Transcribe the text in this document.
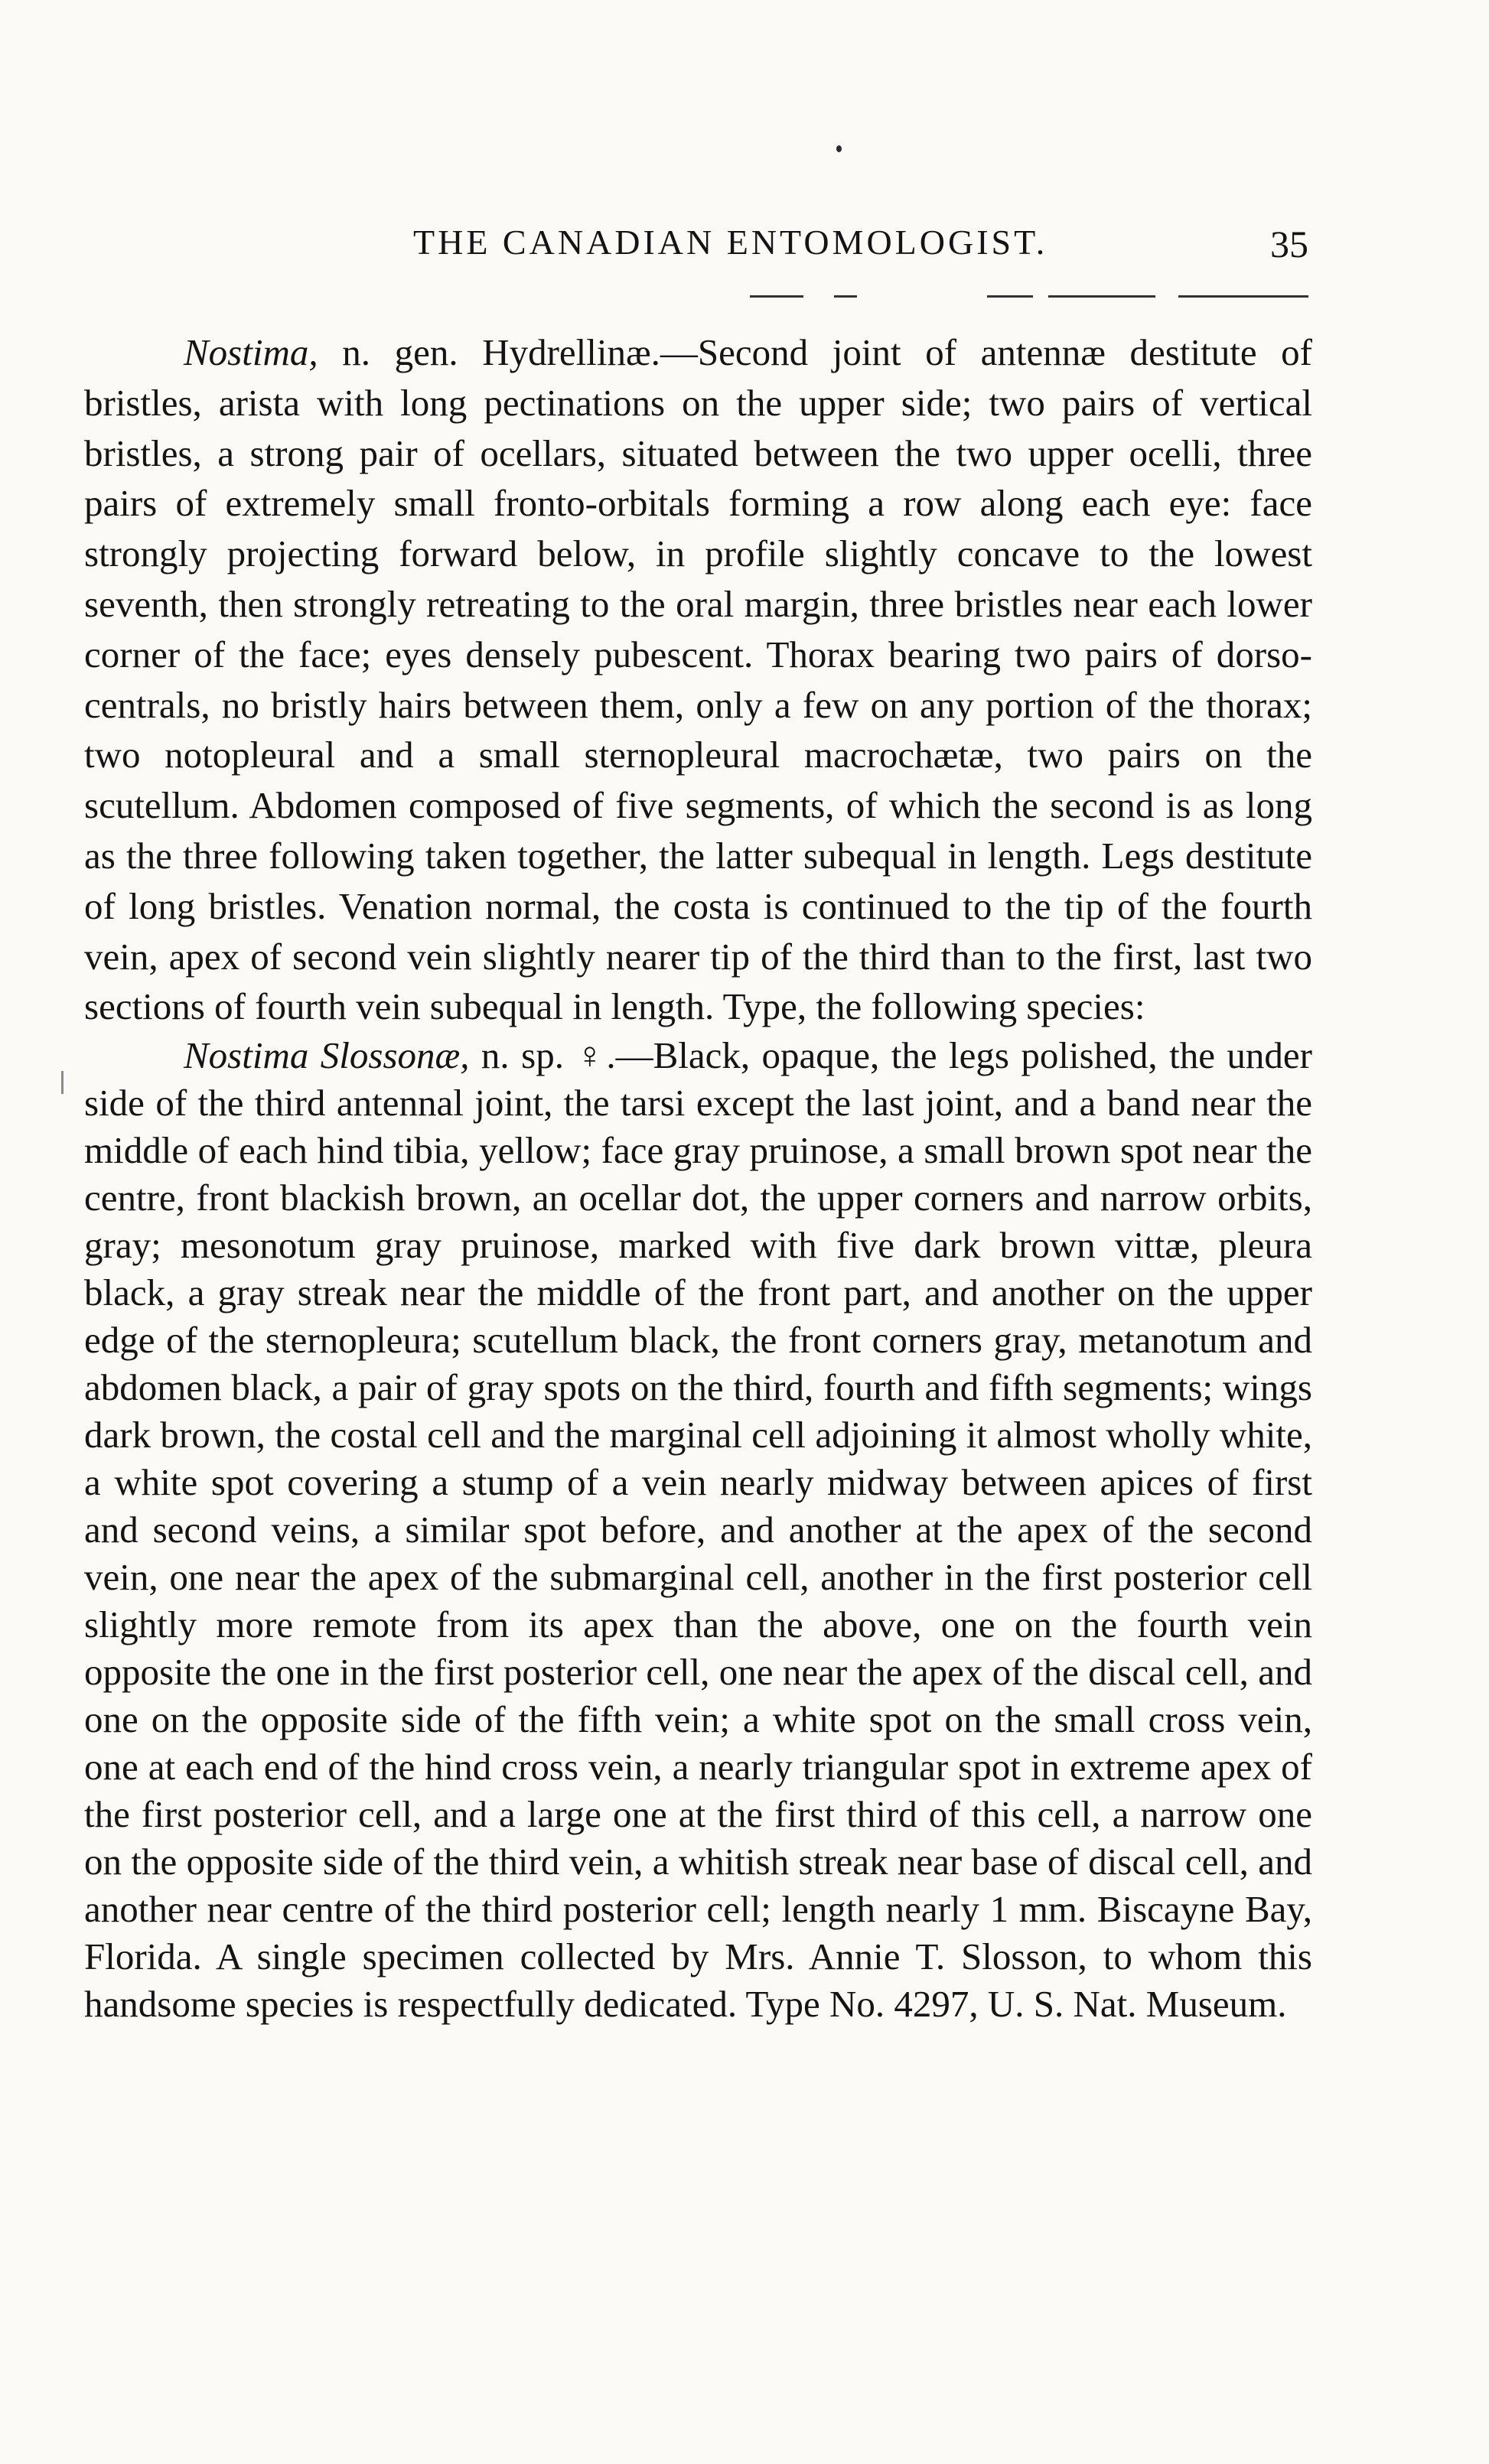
THE CANADIAN ENTOMOLOGIST.	35

Nostima, n. gen. Hydrellinæ.—Second joint of antennæ destitute of bristles, arista with long pectinations on the upper side; two pairs of vertical bristles, a strong pair of ocellars, situated between the two upper ocelli, three pairs of extremely small fronto-orbitals forming a row along each eye: face strongly projecting forward below, in profile slightly concave to the lowest seventh, then strongly retreating to the oral margin, three bristles near each lower corner of the face; eyes densely pubescent. Thorax bearing two pairs of dorso-centrals, no bristly hairs between them, only a few on any portion of the thorax; two notopleural and a small sternopleural macrochætæ, two pairs on the scutellum. Abdomen composed of five segments, of which the second is as long as the three following taken together, the latter subequal in length. Legs destitute of long bristles. Venation normal, the costa is continued to the tip of the fourth vein, apex of second vein slightly nearer tip of the third than to the first, last two sections of fourth vein subequal in length. Type, the following species:

Nostima Slossonæ, n. sp. ♀.—Black, opaque, the legs polished, the under side of the third antennal joint, the tarsi except the last joint, and a band near the middle of each hind tibia, yellow; face gray pruinose, a small brown spot near the centre, front blackish brown, an ocellar dot, the upper corners and narrow orbits, gray; mesonotum gray pruinose, marked with five dark brown vittæ, pleura black, a gray streak near the middle of the front part, and another on the upper edge of the sternopleura; scutellum black, the front corners gray, metanotum and abdomen black, a pair of gray spots on the third, fourth and fifth segments; wings dark brown, the costal cell and the marginal cell adjoining it almost wholly white, a white spot covering a stump of a vein nearly midway between apices of first and second veins, a similar spot before, and another at the apex of the second vein, one near the apex of the submarginal cell, another in the first posterior cell slightly more remote from its apex than the above, one on the fourth vein opposite the one in the first posterior cell, one near the apex of the discal cell, and one on the opposite side of the fifth vein; a white spot on the small cross vein, one at each end of the hind cross vein, a nearly triangular spot in extreme apex of the first posterior cell, and a large one at the first third of this cell, a narrow one on the opposite side of the third vein, a whitish streak near base of discal cell, and another near centre of the third posterior cell; length nearly 1 mm. Biscayne Bay, Florida. A single specimen collected by Mrs. Annie T. Slosson, to whom this handsome species is respectfully dedicated. Type No. 4297, U. S. Nat. Museum.
